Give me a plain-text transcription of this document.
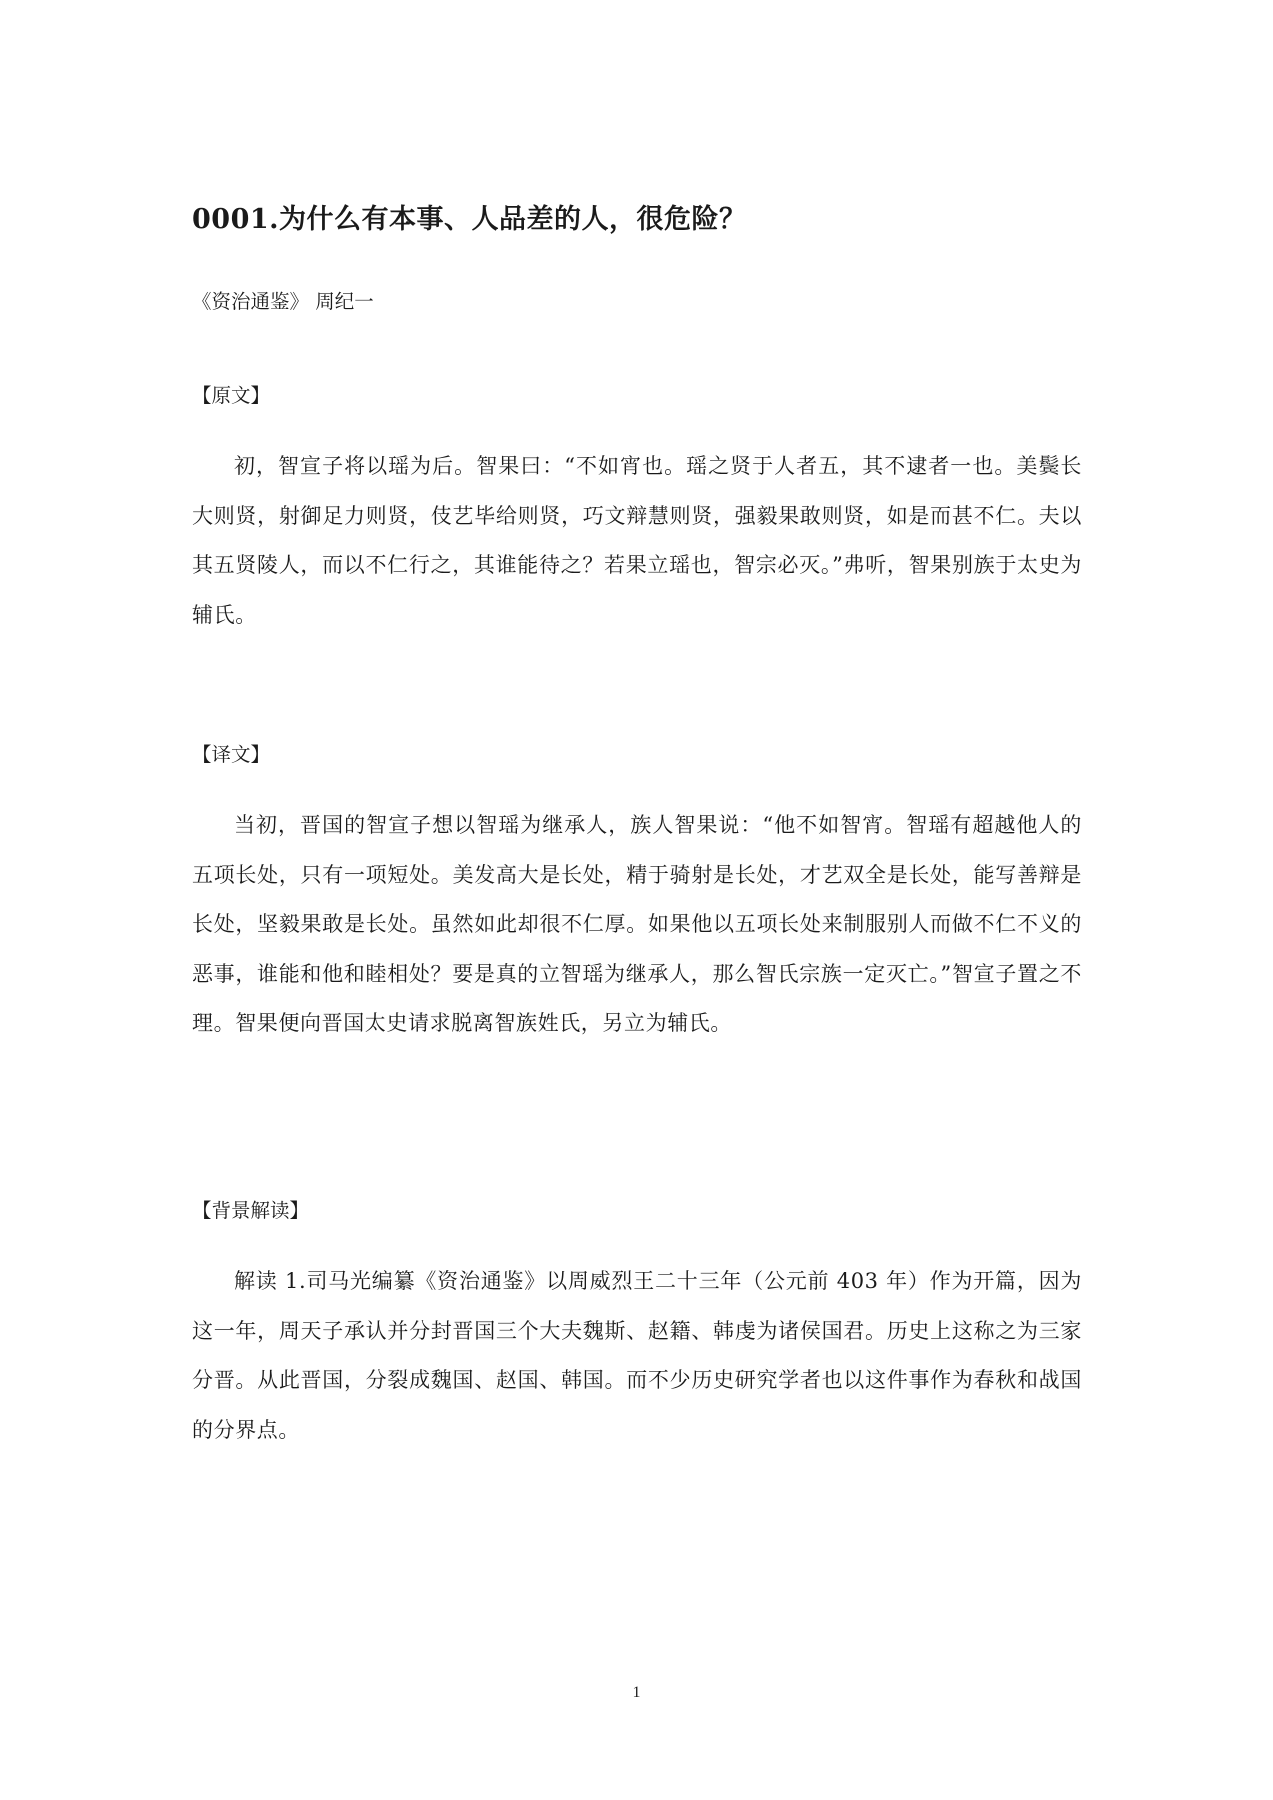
0001.为什么有本事、人品差的人，很危险？
《资治通鉴》 周纪一
【原文】
初，智宣子将以瑶为后。智果曰：“不如宵也。瑶之贤于人者五，其不逮者一也。美鬓长大则贤，射御足力则贤，伎艺毕给则贤，巧文辩慧则贤，强毅果敢则贤，如是而甚不仁。夫以其五贤陵人，而以不仁行之，其谁能待之？若果立瑶也，智宗必灭。”弗听，智果别族于太史为辅氏。
【译文】
当初，晋国的智宣子想以智瑶为继承人，族人智果说：“他不如智宵。智瑶有超越他人的五项长处，只有一项短处。美发高大是长处，精于骑射是长处，才艺双全是长处，能写善辩是长处，坚毅果敢是长处。虽然如此却很不仁厚。如果他以五项长处来制服别人而做不仁不义的恶事，谁能和他和睦相处？要是真的立智瑶为继承人，那么智氏宗族一定灭亡。”智宣子置之不理。智果便向晋国太史请求脱离智族姓氏，另立为辅氏。
【背景解读】
解读 1.司马光编纂《资治通鉴》以周威烈王二十三年（公元前 403 年）作为开篇，因为这一年，周天子承认并分封晋国三个大夫魏斯、赵籍、韩虔为诸侯国君。历史上这称之为三家分晋。从此晋国，分裂成魏国、赵国、韩国。而不少历史研究学者也以这件事作为春秋和战国的分界点。
1
